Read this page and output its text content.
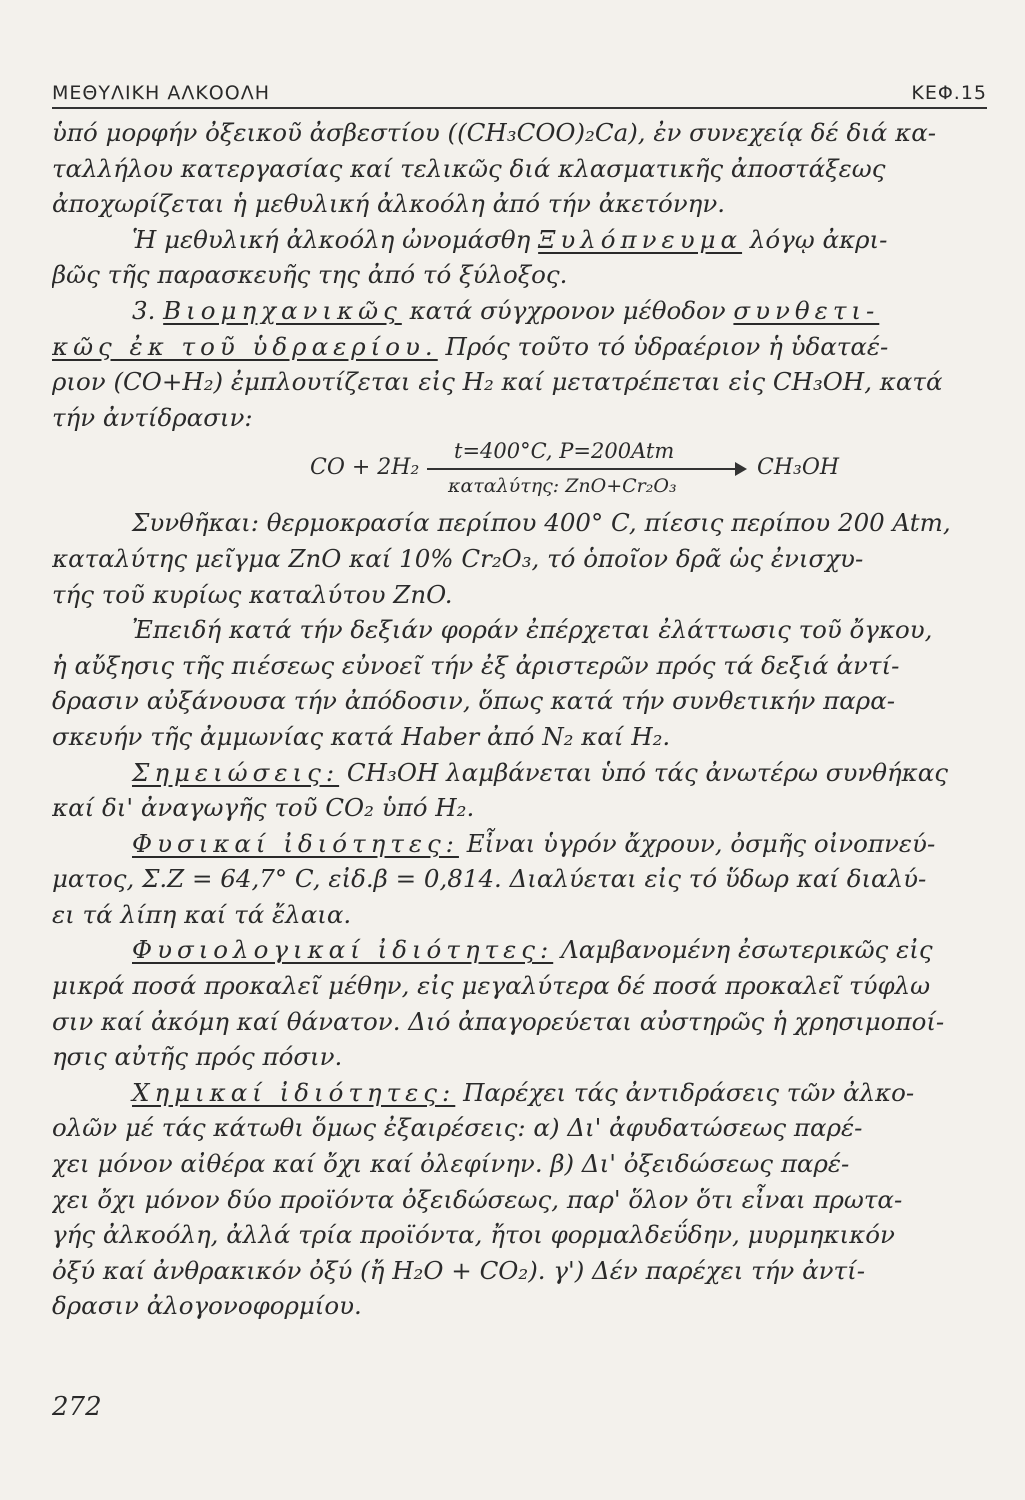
ΜΕΘΥΛΙΚΗ ΑΛΚΟΟΛΗ	ΚΕΦ.15
ὑπό μορφήν ὀξεικοῦ ἀσβεστίου ((CH₃COO)₂Ca), ἐν συνεχείᾳ δέ διά κα-
ταλλήλου κατεργασίας καί τελικῶς διά κλασματικῆς ἀποστάξεως
ἀποχωρίζεται ἡ μεθυλική ἀλκοόλη ἀπό τήν ἀκετόνην.
Ἡ μεθυλική ἀλκοόλη ὠνομάσθη Ξυλόπνευμα λόγῳ ἀκρι-
βῶς τῆς παρασκευῆς της ἀπό τό ξύλοξος.
3. Βιομηχανικῶς κατά σύγχρονον μέθοδον συνθετι-
κῶς ἐκ τοῦ ὑδραερίου. Πρός τοῦτο τό ὑδραέριον ἡ ὑδαταέ-
ριον (CO+H₂) ἐμπλουτίζεται εἰς H₂ καί μετατρέπεται εἰς CH₃OH, κατά
τήν ἀντίδρασιν:
CO + 2H₂
t=400°C, P=200Atm
καταλύτης: ZnO+Cr₂O₃
CH₃OH
Συνθῆκαι: θερμοκρασία περίπου 400° C, πίεσις περίπου 200 Atm,
καταλύτης μεῖγμα ZnO καί 10% Cr₂O₃, τό ὁποῖον δρᾶ ὡς ἐνισχυ-
τής τοῦ κυρίως καταλύτου ZnO.
Ἐπειδή κατά τήν δεξιάν φοράν ἐπέρχεται ἐλάττωσις τοῦ ὄγκου,
ἡ αὔξησις τῆς πιέσεως εὐνοεῖ τήν ἐξ ἀριστερῶν πρός τά δεξιά ἀντί-
δρασιν αὐξάνουσα τήν ἀπόδοσιν, ὅπως κατά τήν συνθετικήν παρα-
σκευήν τῆς ἀμμωνίας κατά Haber ἀπό N₂ καί H₂.
Σημειώσεις: CH₃OH λαμβάνεται ὑπό τάς ἀνωτέρω συνθήκας
καί δι' ἀναγωγῆς τοῦ CO₂ ὑπό H₂.
Φυσικαί ἰδιότητες: Εἶναι ὑγρόν ἄχρουν, ὀσμῆς οἰνοπνεύ-
ματος, Σ.Ζ = 64,7° C, εἰδ.β = 0,814. Διαλύεται εἰς τό ὕδωρ καί διαλύ-
ει τά λίπη καί τά ἔλαια.
Φυσιολογικαί ἰδιότητες: Λαμβανομένη ἐσωτερικῶς εἰς
μικρά ποσά προκαλεῖ μέθην, εἰς μεγαλύτερα δέ ποσά προκαλεῖ τύφλω
σιν καί ἀκόμη καί θάνατον. Διό ἀπαγορεύεται αὐστηρῶς ἡ χρησιμοποί-
ησις αὐτῆς πρός πόσιν.
Χημικαί ἰδιότητες: Παρέχει τάς ἀντιδράσεις τῶν ἀλκο-
ολῶν μέ τάς κάτωθι ὅμως ἐξαιρέσεις: α) Δι' ἀφυδατώσεως παρέ-
χει μόνον αἰθέρα καί ὄχι καί ὀλεφίνην. β) Δι' ὀξειδώσεως παρέ-
χει ὄχι μόνον δύο προϊόντα ὀξειδώσεως, παρ' ὅλον ὅτι εἶναι πρωτα-
γής ἀλκοόλη, ἀλλά τρία προϊόντα, ἤτοι φορμαλδεΰδην, μυρμηκικόν
ὀξύ καί ἀνθρακικόν ὀξύ (ἤ H₂O + CO₂). γ') Δέν παρέχει τήν ἀντί-
δρασιν ἀλογονοφορμίου.
272
